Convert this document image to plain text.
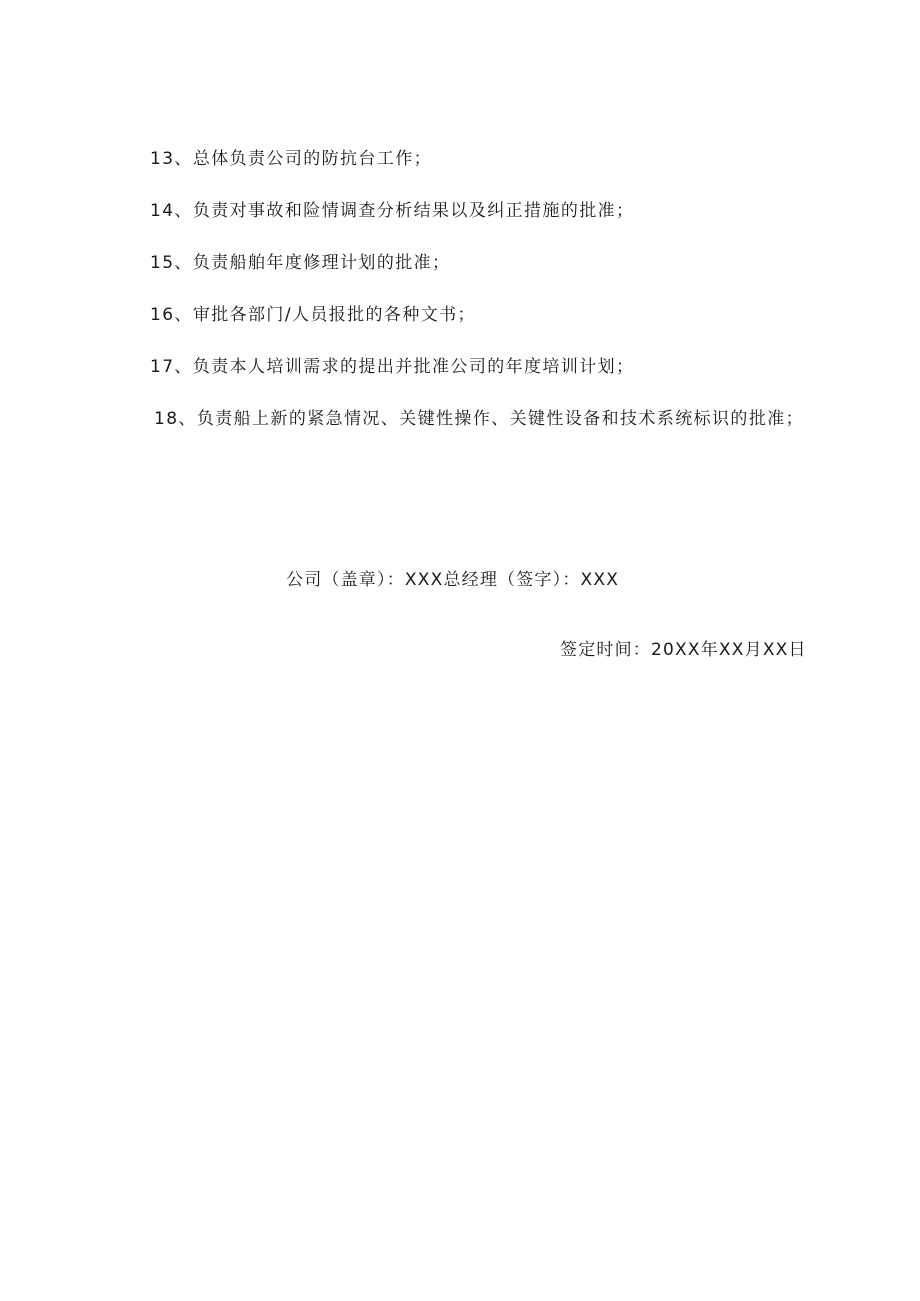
13、总体负责公司的防抗台工作；
14、负责对事故和险情调查分析结果以及纠正措施的批准；
15、负责船舶年度修理计划的批准；
16、审批各部门/人员报批的各种文书；
17、负责本人培训需求的提出并批准公司的年度培训计划；
18、负责船上新的紧急情况、关键性操作、关键性设备和技术系统标识的批准；
公司（盖章）：XXX总经理（签字）：XXX
签定时间：20XX年XX月XX日
